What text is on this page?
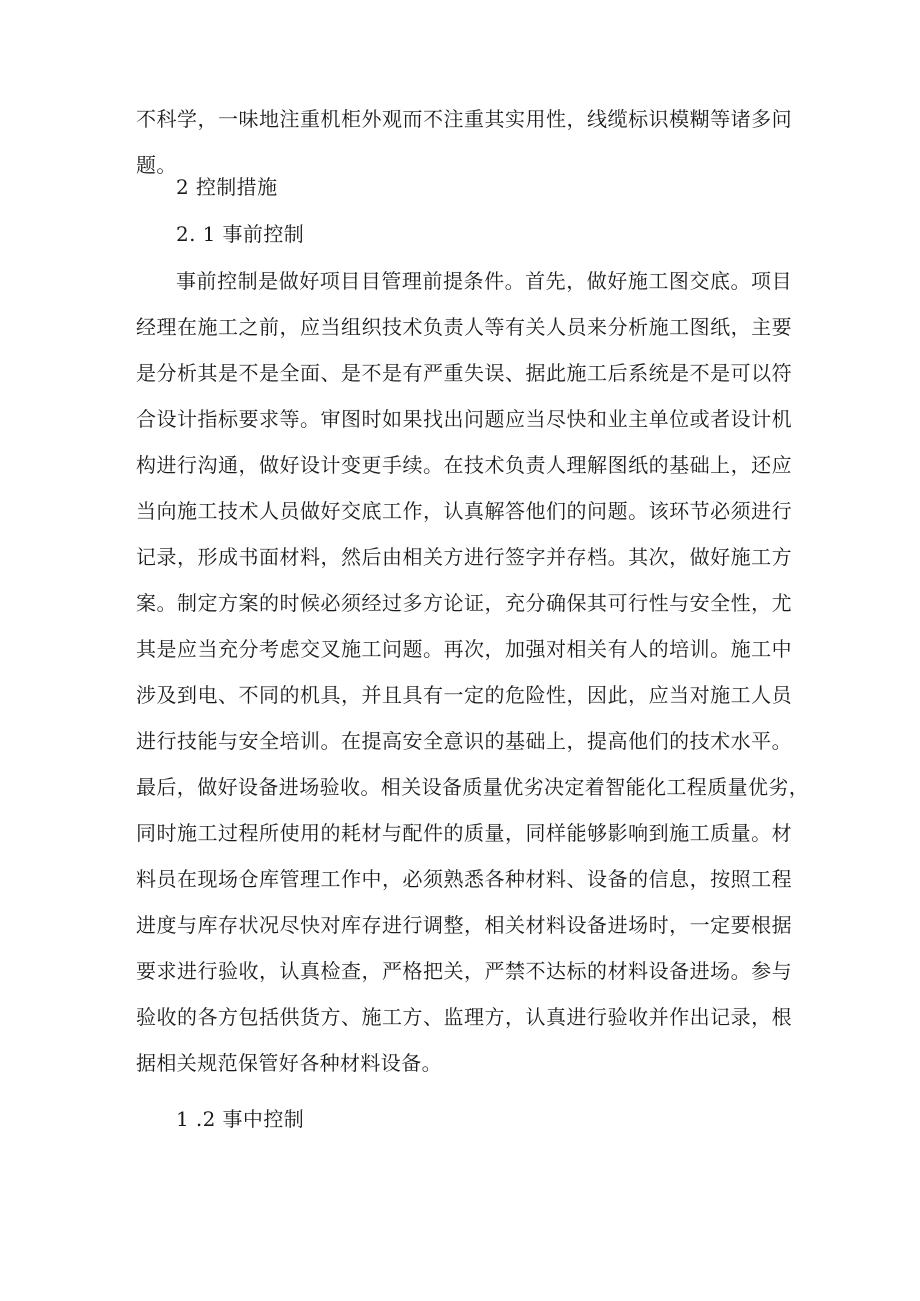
不科学，一味地注重机柜外观而不注重其实用性，线缆标识模糊等诸多问
题。

2 控制措施

2. 1 事前控制

事前控制是做好项目目管理前提条件。首先，做好施工图交底。项目
经理在施工之前，应当组织技术负责人等有关人员来分析施工图纸，主要
是分析其是不是全面、是不是有严重失误、据此施工后系统是不是可以符
合设计指标要求等。审图时如果找出问题应当尽快和业主单位或者设计机
构进行沟通，做好设计变更手续。在技术负责人理解图纸的基础上，还应
当向施工技术人员做好交底工作，认真解答他们的问题。该环节必须进行
记录，形成书面材料，然后由相关方进行签字并存档。其次，做好施工方
案。制定方案的时候必须经过多方论证，充分确保其可行性与安全性，尤
其是应当充分考虑交叉施工问题。再次，加强对相关有人的培训。施工中
涉及到电、不同的机具，并且具有一定的危险性，因此，应当对施工人员
进行技能与安全培训。在提高安全意识的基础上，提高他们的技术水平。
最后，做好设备进场验收。相关设备质量优劣决定着智能化工程质量优劣，
同时施工过程所使用的耗材与配件的质量，同样能够影响到施工质量。材
料员在现场仓库管理工作中，必须熟悉各种材料、设备的信息，按照工程
进度与库存状况尽快对库存进行调整，相关材料设备进场时，一定要根据
要求进行验收，认真检查，严格把关，严禁不达标的材料设备进场。参与
验收的各方包括供货方、施工方、监理方，认真进行验收并作出记录，根
据相关规范保管好各种材料设备。

1 .2 事中控制
